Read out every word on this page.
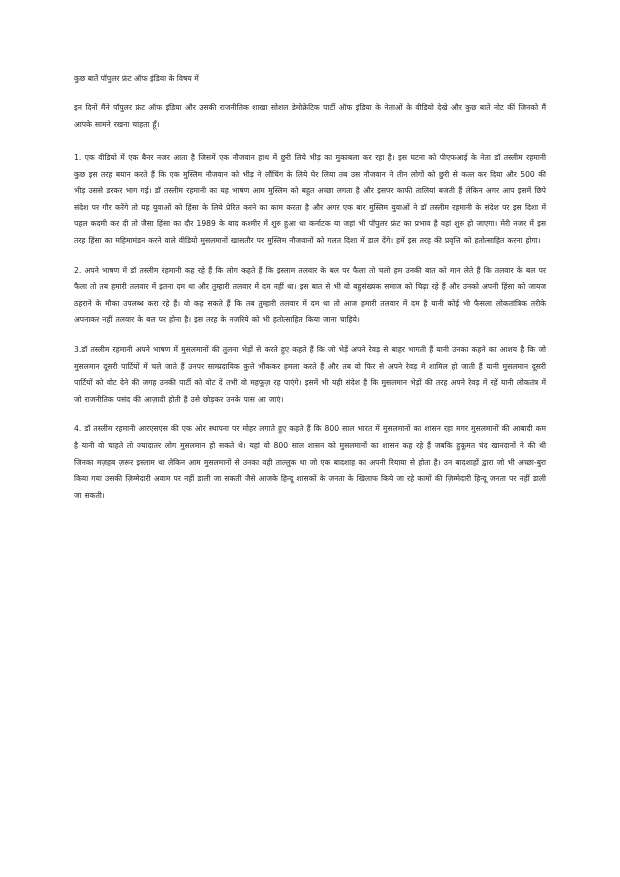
कुछ बातें पॉपुलर फ्रंट ऑफ इंडिया के विषय में

इन दिनों मैंने पॉपुलर फ्रंट ऑफ इंडिया और उसकी राजनीतिक शाखा सोशल डेमोक्रेटिक पार्टी ऑफ इंडिया के नेताओं के वीडियो देखे और कुछ बातें नोट कीं जिनको मैं आपके सामने रखना चाहता हूँ।

1. एक वीडियो में एक बैनर नजर आता है जिसमें एक नौजवान हाथ में छुरी लिये भीड़ का मुकाबला कर रहा है। इस घटना को पीएफआई के नेता डॉ तस्लीम रहमानी कुछ इस तरह बयान करते हैं कि एक मुस्लिम नौजवान को भीड़ ने लौंचिंग के लिये घेर लिया तब उस नौजवान ने तीन लोगों को छुरी से कत्ल कर दिया और 500 की भीड़ उससे डरकर भाग गई। डॉ तस्लीम रहमानी का यह भाषण आम मुस्लिम को बहुत अच्छा लगता है और इसपर काफी तालियां बजती हैं लेकिन अगर आप इसमें छिपे संदेश पर गौर करेंगे तो यह युवाओं को हिंसा के लिये प्रेरित करने का काम करता है और अगर एक बार मुस्लिम युवाओं ने डॉ तस्लीम रहमानी के संदेश पर इस दिशा में पहल कदमी कर दी तो जैसा हिंसा का दौर 1989 के बाद कश्मीर में शुरु हुआ था कर्नाटक या जहां भी पॉपुलर फ्रंट का प्रभाव है वहां शुरु हो जाएगा। मेरी नजर में इस तरह हिंसा का महिमामंडन करने वाले वीडियो मुसलमानों खासतौर पर मुस्लिम नौजवानों को गलत दिशा में डाल देंगे। हमें इस तरह की प्रवृत्ति को हतोत्साहित करना होगा।

2. अपने भाषण में डॉ तस्लीम रहमानी कह रहे हैं कि लोग कहते हैं कि इस्लाम तलवार के बल पर फैला तो चलो हम उनकी बात को मान लेते हैं कि तलवार के बल पर फैला तो तब हमारी तलवार में इतना दम था और तुम्हारी तलवार में दम नहीं था। इस बात से भी वो बहुसंख्यक समाज को चिढ़ा रहे हैं और उनको अपनी हिंसा को जायज ठहराने के मौका उपलब्ध करा रहे हैं। वो कह सकते हैं कि तब तुम्हारी तलवार में दम था तो आज हमारी तलवार में दम है यानी कोई भी फैसला लोकतांत्रिक तरीके अपनाकर नहीं तलवार के बल पर होना है। इस तरह के नजरिये को भी हतोत्साहित किया जाना चाहिये।

3.डॉ तस्लीम रहमानी अपने भाषण में मुसलमानों की तुलना भेड़ों से करते हुए कहते हैं कि जो भेड़ें अपने रेवड़ से बाहर भागती हैं यानी उनका कहने का आशय है कि जो मुसलमान दूसरी पार्टियों में चले जाते हैं उनपर साम्प्रदायिक कुत्ते भौंककर हमला करते हैं और तब वो फिर से अपने रेवड़ में शामिल हो जाती हैं यानी मुसलमान दूसरी पार्टियों को वोट देने की जगह उनकी पार्टी को वोट दें तभी वो महफूज़ रह पाएंगे। इसमें भी यही संदेश है कि मुसलमान भेड़ों की तरह अपने रेवड़ में रहें यानी लोकतंत्र में जो राजनीतिक पसंद की आज़ादी होती है उसे छोड़कर उनके पास आ जाएं।

4. डॉ तस्लीम रहमानी आरएसएस की एक ओर स्थापना पर मोहर लगाते हुए कहते हैं कि 800 साल भारत में मुसलमानों का शासन रहा मगर मुसलमानों की आबादी कम है यानी वो चाहते तो ज्यादातर लोग मुसलमान हो सकते थे। यहां वो 800 साल शासन को मुसलमानों का शासन कह रहे हैं जबकि हुकूमत चंद खानदानों ने की थी जिनका मज़हब ज़रूर इस्लाम था लेकिन आम मुसलमानों से उनका वही ताल्लुक था जो एक बादशाह का अपनी रियाया से होता है। उन बादशाहों द्वारा जो भी अच्छा-बुरा किया गया उसकी ज़िम्मेदारी अवाम पर नहीं डाली जा सकती जैसे आजके हिन्दू शासकों के जनता के खिलाफ किये जा रहे कामों की ज़िम्मेदारी हिन्दू जनता पर नहीं डाली जा सकती।
